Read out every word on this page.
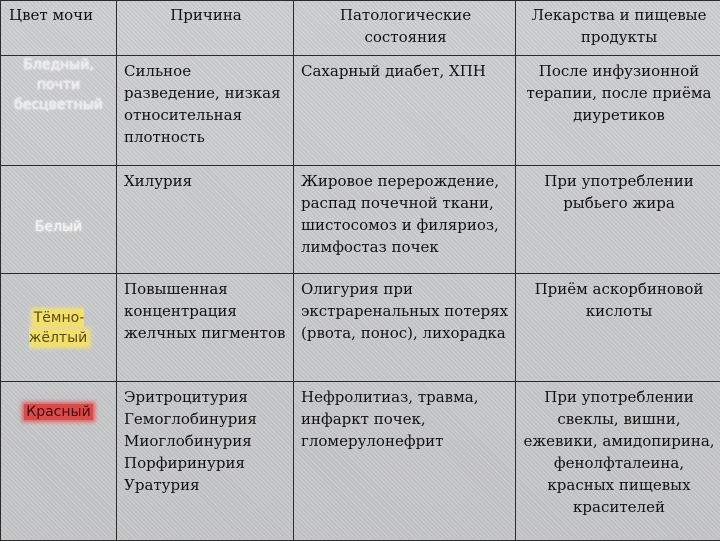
Цвет мочи	Причина	Патологические состояния	Лекарства и пищевые продукты
Бледный, почти бесцветный	Сильное разведение, низкая относительная плотность	Сахарный диабет, ХПН	После инфузионной терапии, после приёма диуретиков
Белый	Хилурия	Жировое перерождение, распад почечной ткани, шистосомоз и филяриоз, лимфостаз почек	При употреблении рыбьего жира
Тёмно-жёлтый	Повышенная концентрация желчных пигментов	Олигурия при экстраренальных потерях (рвота, понос), лихорадка	Приём аскорбиновой кислоты
Красный	Эритроцитурия Гемоглобинурия Миоглобинурия Порфиринурия Уратурия	Нефролитиаз, травма, инфаркт почек, гломерулонефрит	При употреблении свеклы, вишни, ежевики, амидопирина, фенолфталеина, красных пищевых красителей
